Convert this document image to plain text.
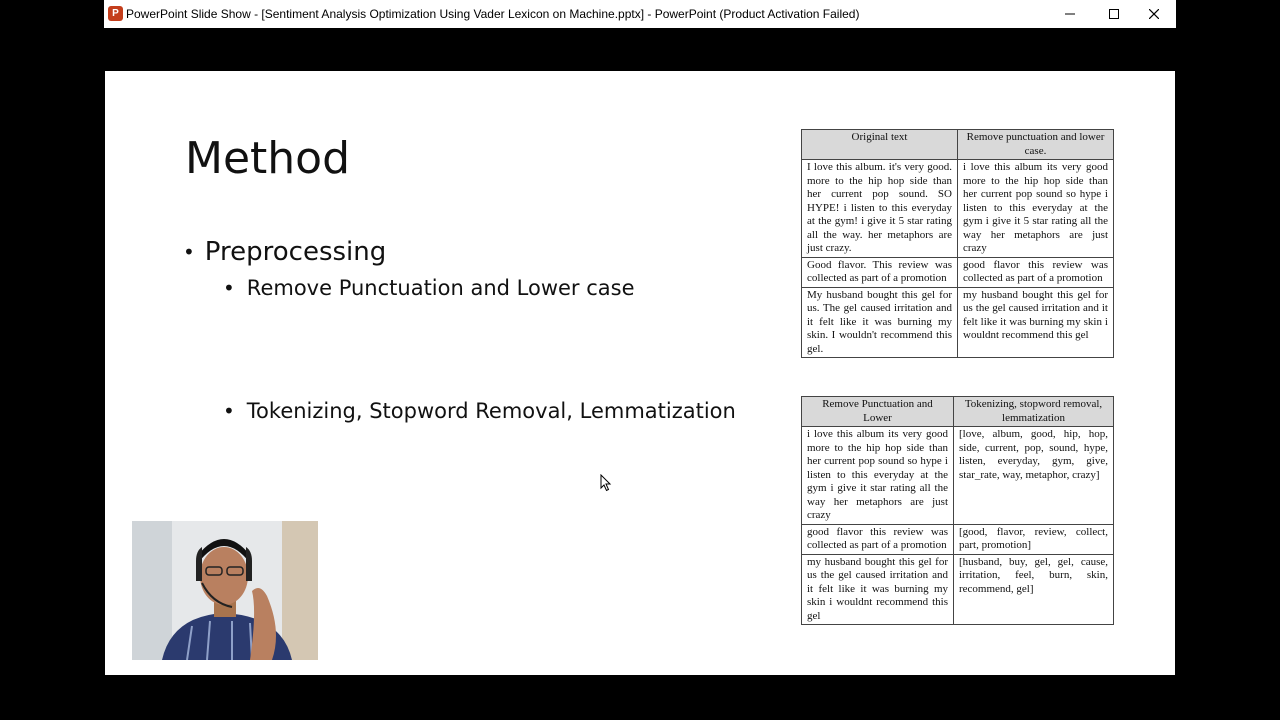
P PowerPoint Slide Show - [Sentiment Analysis Optimization Using Vader Lexicon on Machine.pptx] - PowerPoint (Product Activation Failed)
Method
• Preprocessing
• Remove Punctuation and Lower case
• Tokenizing, Stopword Removal, Lemmatization
Original text	Remove punctuation and lower case.
I love this album. it's very good. more to the hip hop side than her current pop sound. SO HYPE! i listen to this everyday at the gym! i give it 5 star rating all the way. her metaphors are just crazy.	i love this album its very good more to the hip hop side than her current pop sound so hype i listen to this everyday at the gym i give it 5 star rating all the way her metaphors are just crazy
Good flavor. This review was collected as part of a promotion	good flavor this review was collected as part of a promotion
My husband bought this gel for us. The gel caused irritation and it felt like it was burning my skin. I wouldn't recommend this gel.	my husband bought this gel for us the gel caused irritation and it felt like it was burning my skin i wouldnt recommend this gel
Remove Punctuation and Lower	Tokenizing, stopword removal, lemmatization
i love this album its very good more to the hip hop side than her current pop sound so hype i listen to this everyday at the gym i give it star rating all the way her metaphors are just crazy	[love, album, good, hip, hop, side, current, pop, sound, hype, listen, everyday, gym, give, star_rate, way, metaphor, crazy]
good flavor this review was collected as part of a promotion	[good, flavor, review, collect, part, promotion]
my husband bought this gel for us the gel caused irritation and it felt like it was burning my skin i wouldnt recommend this gel	[husband, buy, gel, gel, cause, irritation, feel, burn, skin, recommend, gel]
